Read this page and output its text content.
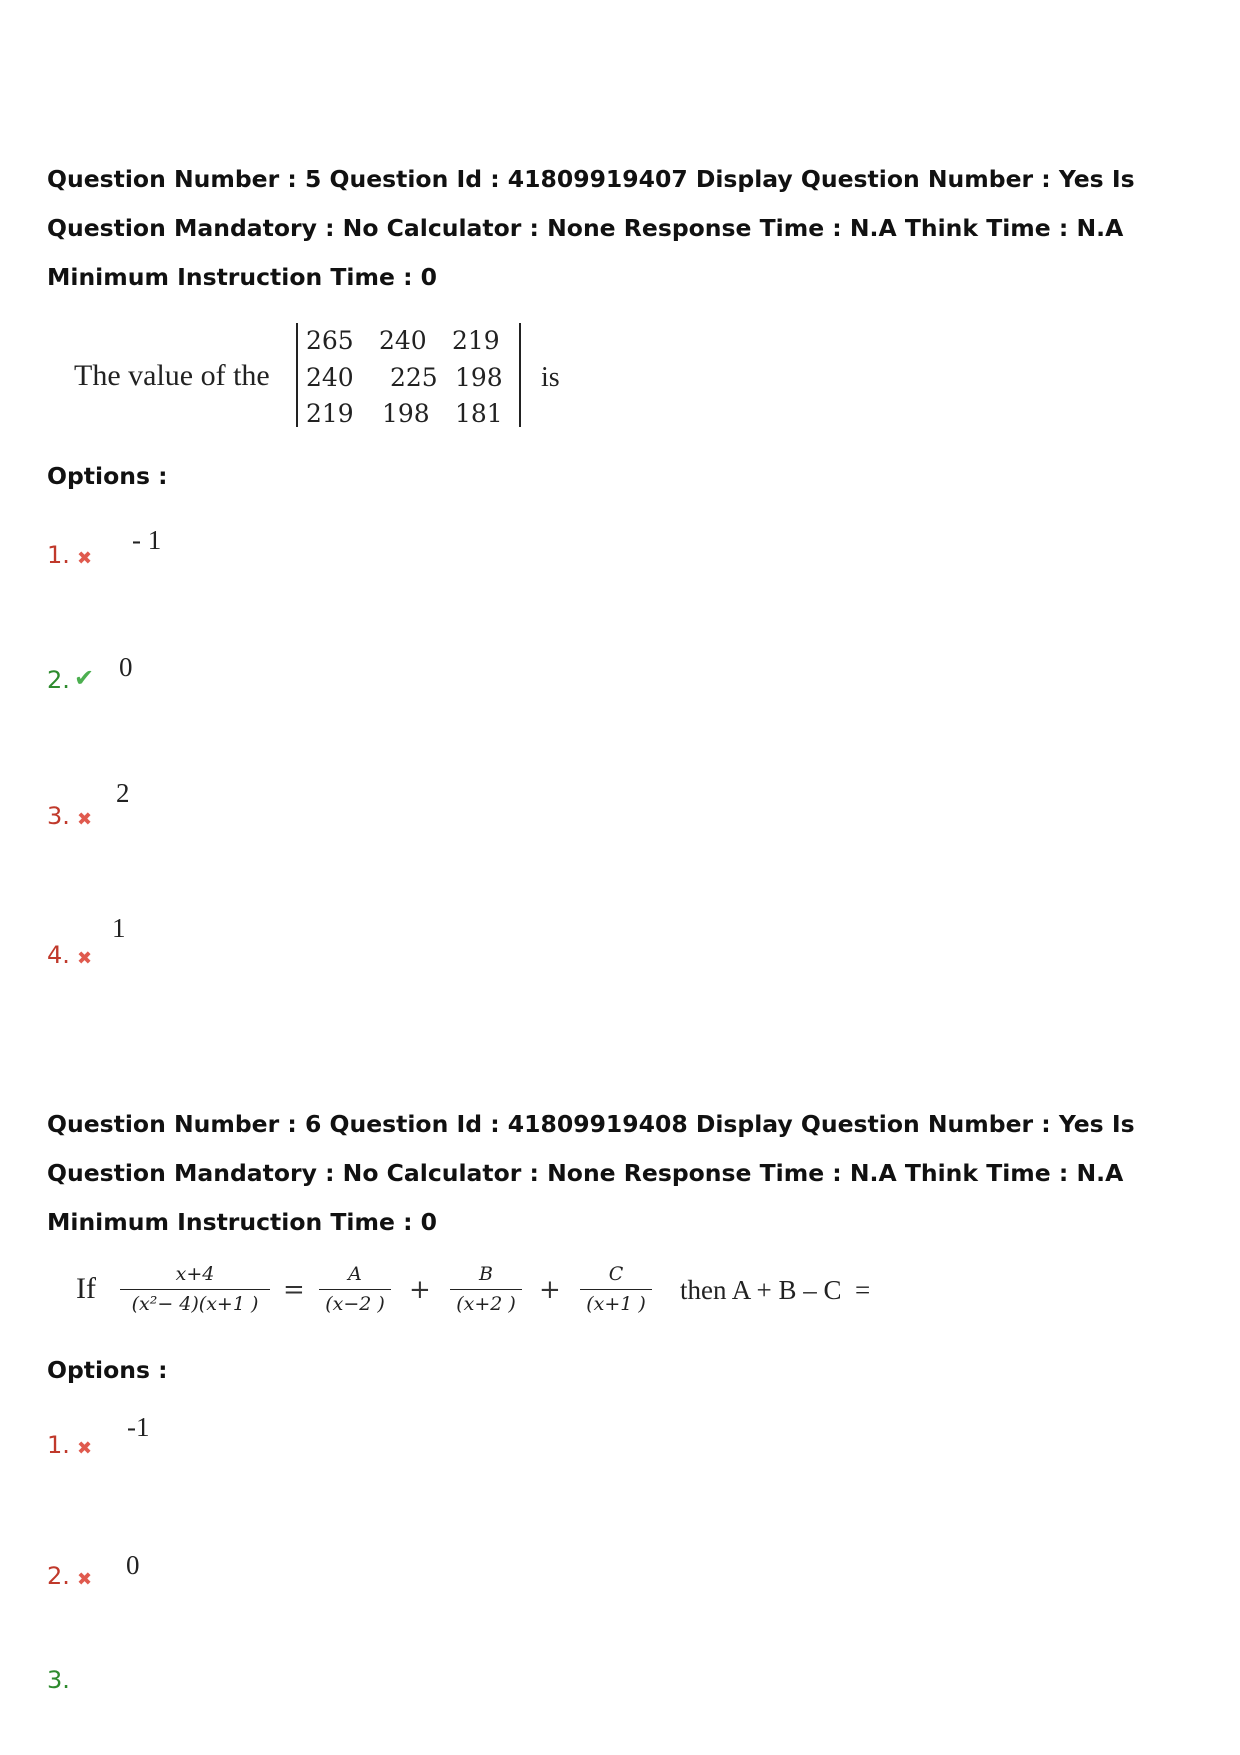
Question Number : 5 Question Id : 41809919407 Display Question Number : Yes Is Question Mandatory : No Calculator : None Response Time : N.A Think Time : N.A Minimum Instruction Time : 0
The value of the
265 240 219
240 225 198
219 198 181
is
Options :
1. ✖
- 1
2. ✔ 0
3. ✖
2
4. ✖
1
Question Number : 6 Question Id : 41809919408 Display Question Number : Yes Is Question Mandatory : No Calculator : None Response Time : N.A Think Time : N.A Minimum Instruction Time : 0
If $\frac{x+4}{\text{(x²− 4)(x+1 )}} = \frac{A}{(x-2 )} + \frac{B}{(x+2 )} + \frac{C}{(x+1 )}$ then A + B – C  =
Options :
1. ✖
-1
2. ✖ 0
3.
